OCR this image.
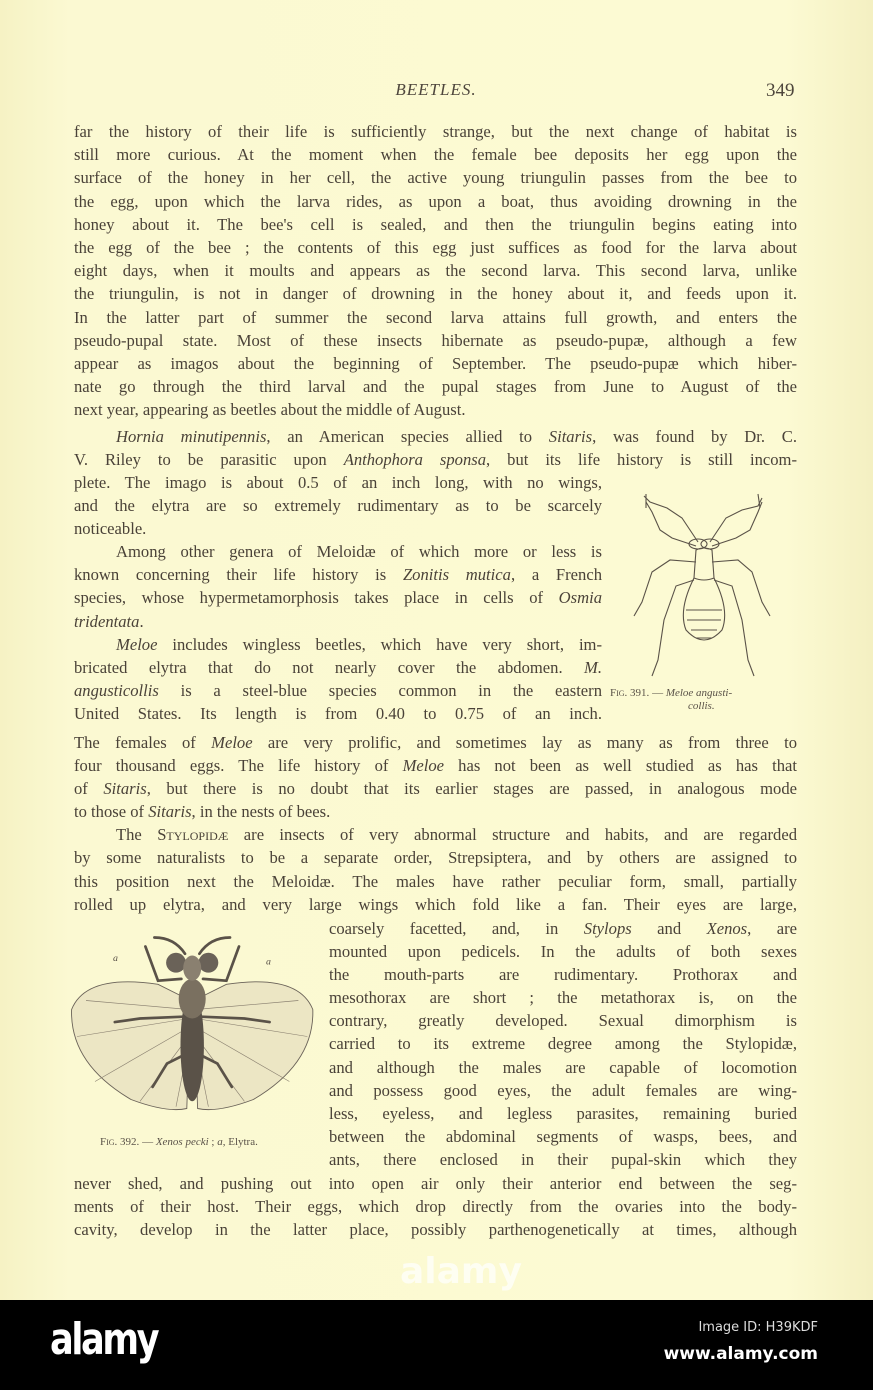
BEETLES.	349
far the history of their life is sufficiently strange, but the next change of habitat is
still more curious. At the moment when the female bee deposits her egg upon the
surface of the honey in her cell, the active young triungulin passes from the bee to
the egg, upon which the larva rides, as upon a boat, thus avoiding drowning in the
honey about it. The bee's cell is sealed, and then the triungulin begins eating into
the egg of the bee ; the contents of this egg just suffices as food for the larva about
eight days, when it moults and appears as the second larva. This second larva, unlike
the triungulin, is not in danger of drowning in the honey about it, and feeds upon it.
In the latter part of summer the second larva attains full growth, and enters the
pseudo-pupal state. Most of these insects hibernate as pseudo-pupæ, although a few
appear as imagos about the beginning of September. The pseudo-pupæ which hiber-
nate go through the third larval and the pupal stages from June to August of the
next year, appearing as beetles about the middle of August.
Hornia minutipennis, an American species allied to Sitaris, was found by Dr. C.
V. Riley to be parasitic upon Anthophora sponsa, but its life history is still incom-
plete. The imago is about 0.5 of an inch long, with no wings,
and the elytra are so extremely rudimentary as to be scarcely
noticeable.
Among other genera of Meloidæ of which more or less is
known concerning their life history is Zonitis mutica, a French
species, whose hypermetamorphosis takes place in cells of Osmia
tridentata.
Meloe includes wingless beetles, which have very short, im-
bricated elytra that do not nearly cover the abdomen. M.
angusticollis is a steel-blue species common in the eastern
United States. Its length is from 0.40 to 0.75 of an inch.
The females of Meloe are very prolific, and sometimes lay as many as from three to
four thousand eggs. The life history of Meloe has not been as well studied as has that
of Sitaris, but there is no doubt that its earlier stages are passed, in analogous mode
to those of Sitaris, in the nests of bees.
The Stylopidæ are insects of very abnormal structure and habits, and are regarded
by some naturalists to be a separate order, Strepsiptera, and by others are assigned to
this position next the Meloidæ. The males have rather peculiar form, small, partially
rolled up elytra, and very large wings which fold like a fan. Their eyes are large,
coarsely facetted, and, in Stylops and Xenos, are
mounted upon pedicels. In the adults of both sexes
the mouth-parts are rudimentary. Prothorax and
mesothorax are short ; the metathorax is, on the
contrary, greatly developed. Sexual dimorphism is
carried to its extreme degree among the Stylopidæ,
and although the males are capable of locomotion
and possess good eyes, the adult females are wing-
less, eyeless, and legless parasites, remaining buried
between the abdominal segments of wasps, bees, and
ants, there enclosed in their pupal-skin which they
never shed, and pushing out into open air only their anterior end between the seg-
ments of their host. Their eggs, which drop directly from the ovaries into the body-
cavity, develop in the latter place, possibly parthenogenetically at times, although
Fig. 391. — Meloe angusti-
collis.
a	a
Fig. 392. — Xenos pecki ; a, Elytra.
alamy
alamy	Image ID: H39KDF
www.alamy.com
